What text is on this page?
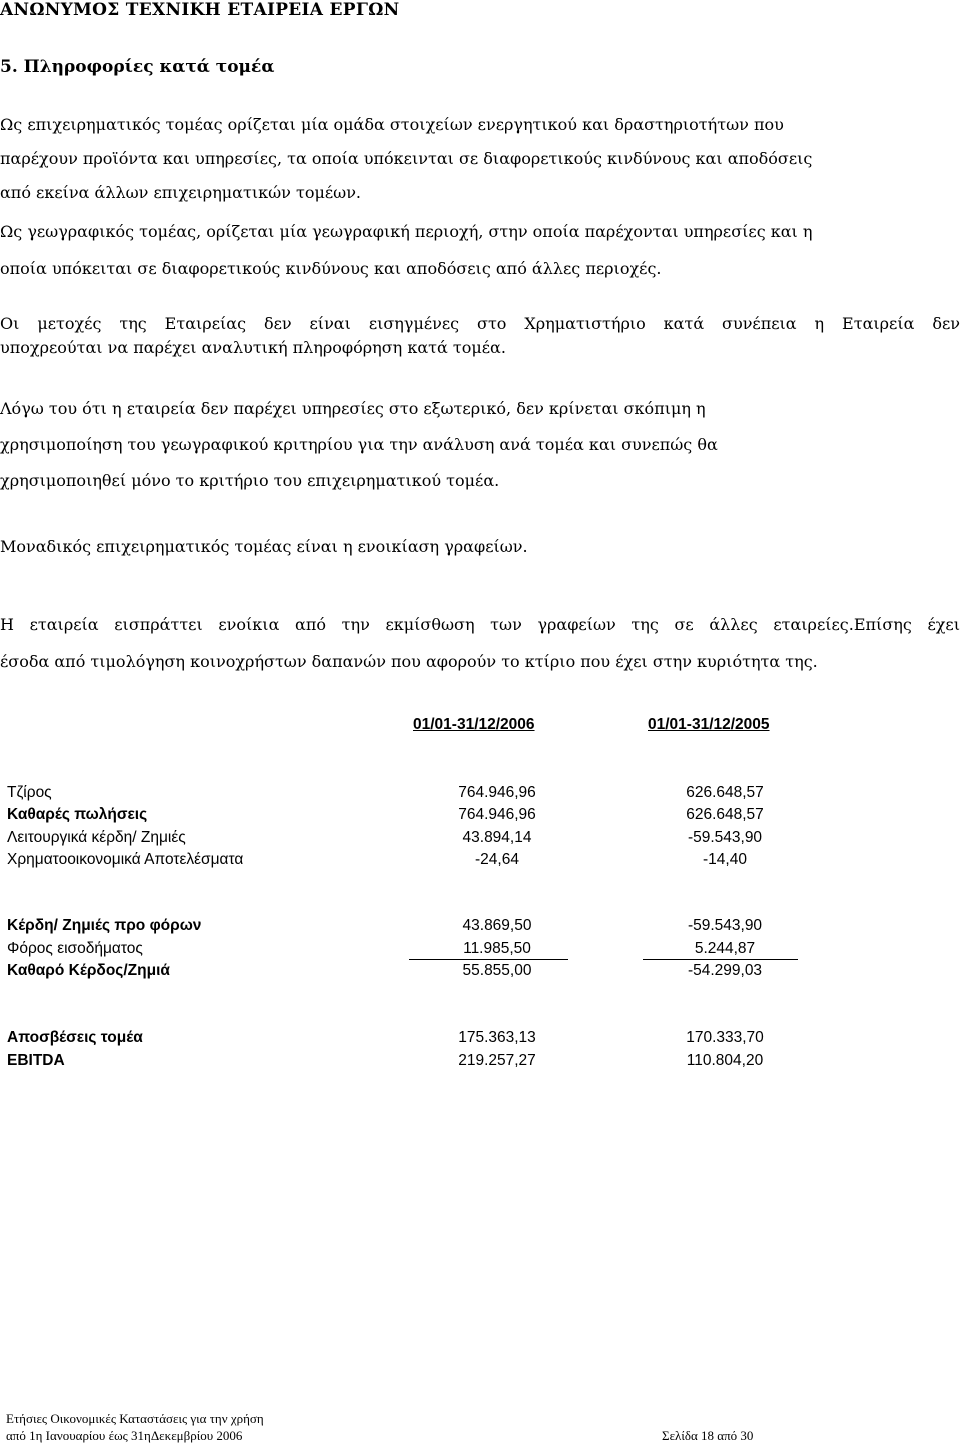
ΑΝΩΝΥΜΟΣ ΤΕΧΝΙΚΗ ΕΤΑΙΡΕΙΑ ΕΡΓΩΝ
5. Πληροφορίες κατά τομέα

Ως επιχειρηματικός τομέας ορίζεται μία ομάδα στοιχείων ενεργητικού και δραστηριοτήτων που
παρέχουν προϊόντα και υπηρεσίες, τα οποία υπόκεινται σε διαφορετικούς κινδύνους και αποδόσεις
από εκείνα άλλων επιχειρηματικών τομέων.

Ως γεωγραφικός τομέας, ορίζεται μία γεωγραφική περιοχή, στην οποία παρέχονται υπηρεσίες και η
οποία υπόκειται σε διαφορετικούς κινδύνους και αποδόσεις από άλλες περιοχές.

Οι μετοχές της Εταιρείας δεν είναι εισηγμένες στο Χρηματιστήριο κατά συνέπεια η Εταιρεία δεν
υποχρεούται να παρέχει αναλυτική πληροφόρηση κατά τομέα.

Λόγω του ότι η εταιρεία δεν παρέχει υπηρεσίες στο εξωτερικό, δεν κρίνεται σκόπιμη η
χρησιμοποίηση του γεωγραφικού κριτηρίου για την ανάλυση ανά τομέα και συνεπώς θα
χρησιμοποιηθεί μόνο το κριτήριο του επιχειρηματικού τομέα.

Μοναδικός επιχειρηματικός τομέας είναι η ενοικίαση γραφείων.

Η εταιρεία εισπράττει ενοίκια από την εκμίσθωση των γραφείων της σε άλλες εταιρείες.Επίσης έχει
έσοδα από τιμολόγηση κοινοχρήστων δαπανών που αφορούν το κτίριο που έχει στην κυριότητα της.

01/01-31/12/2006	01/01-31/12/2005
Τζίρος	764.946,96	626.648,57
Καθαρές πωλήσεις	764.946,96	626.648,57
Λειτουργικά κέρδη/ Ζημιές	43.894,14	-59.543,90
Χρηματοοικονομικά Αποτελέσματα	-24,64	-14,40
Κέρδη/ Ζημιές προ φόρων	43.869,50	-59.543,90
Φόρος εισοδήματος	11.985,50	5.244,87
Καθαρό Κέρδος/Ζημιά	55.855,00	-54.299,03
Αποσβέσεις τομέα	175.363,13	170.333,70
EBITDA	219.257,27	110.804,20
Ετήσιες Οικονομικές Καταστάσεις για την χρήση
από 1η Ιανουαρίου έως 31ηΔεκεμβρίου 2006	Σελίδα 18 από 30
